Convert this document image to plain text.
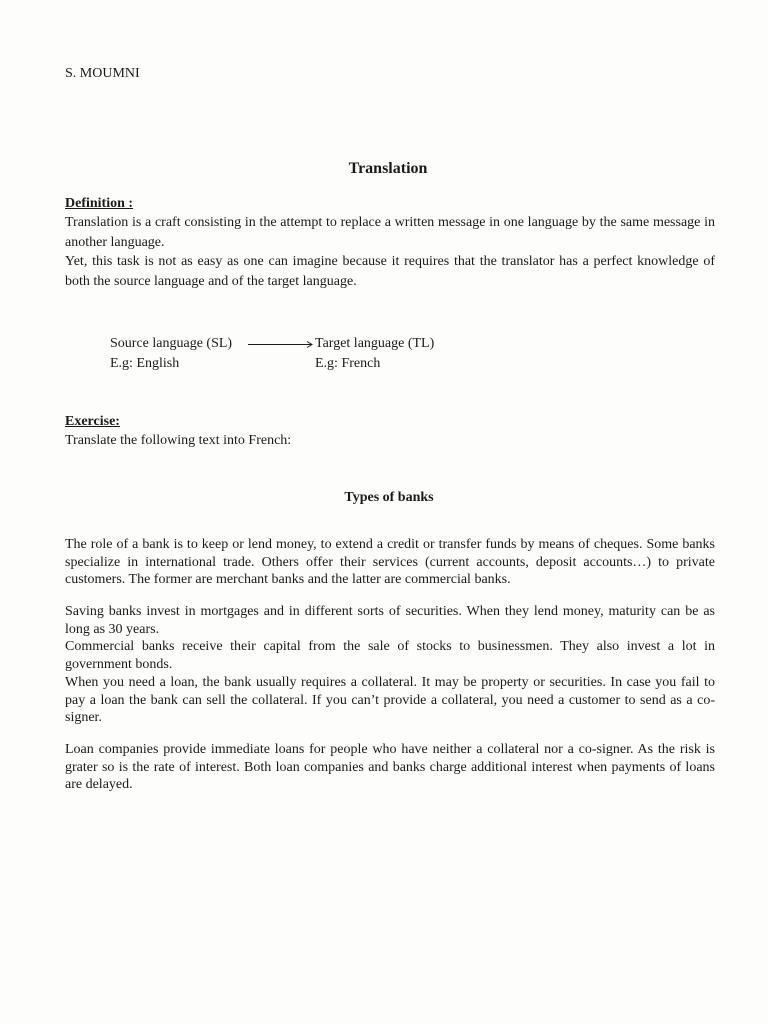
S. MOUMNI
Translation
Definition :

Translation is a craft consisting in the attempt to replace a written message in one language by the same message in another language.

Yet, this task is not as easy as one can imagine because it requires that the translator has a perfect knowledge of both the source language and of the target language.

Source language (SL)	Target language (TL)
E.g: English	E.g: French
Exercise:
Translate the following text into French:
Types of banks

The role of a bank is to keep or lend money, to extend a credit or transfer funds by means of cheques. Some banks specialize in international trade. Others offer their services (current accounts, deposit accounts…) to private customers. The former are merchant banks and the latter are commercial banks.

Saving banks invest in mortgages and in different sorts of securities. When they lend money, maturity can be as long as 30 years.

Commercial banks receive their capital from the sale of stocks to businessmen. They also invest a lot in government bonds.

When you need a loan, the bank usually requires a collateral. It may be property or securities. In case you fail to pay a loan the bank can sell the collateral. If you can’t provide a collateral, you need a customer to send as a co-signer.

Loan companies provide immediate loans for people who have neither a collateral nor a co-signer. As the risk is grater so is the rate of interest. Both loan companies and banks charge additional interest when payments of loans are delayed.
